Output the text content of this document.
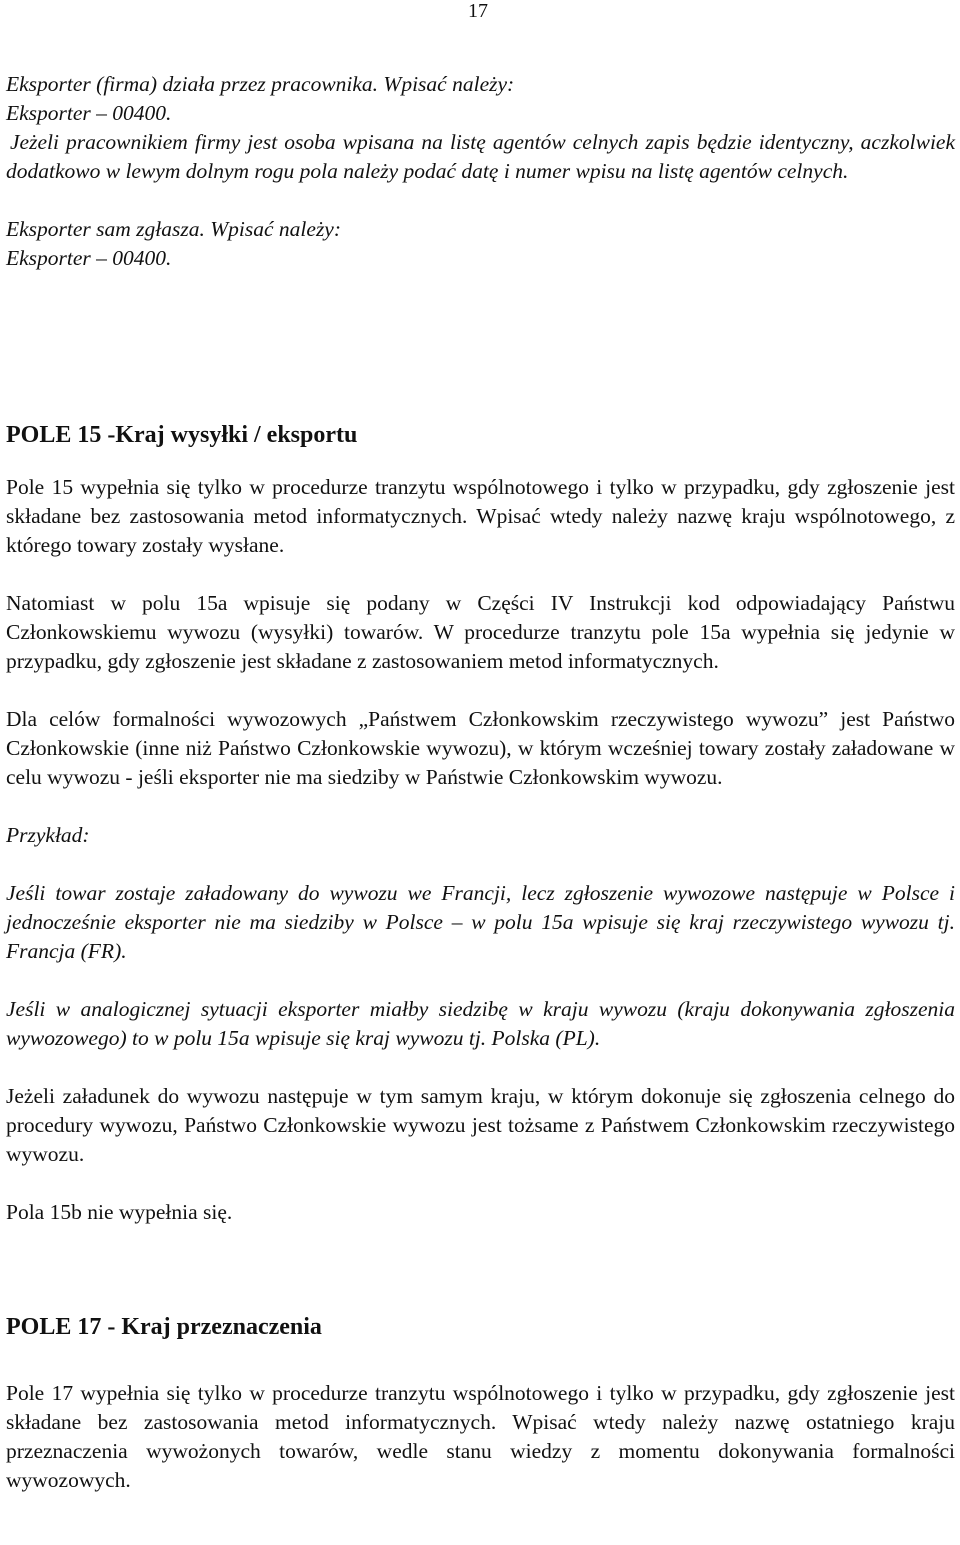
17

Eksporter (firma) działa przez pracownika. Wpisać należy:

Eksporter – 00400.

Jeżeli pracownikiem firmy jest osoba wpisana na listę agentów celnych zapis będzie identyczny, aczkolwiek dodatkowo w lewym dolnym rogu pola należy podać datę i numer wpisu na listę agentów celnych.

Eksporter sam zgłasza. Wpisać należy:

Eksporter – 00400.

POLE 15 -Kraj wysyłki / eksportu

Pole 15 wypełnia się tylko w procedurze tranzytu wspólnotowego i tylko w przypadku, gdy zgłoszenie jest składane bez zastosowania metod informatycznych. Wpisać wtedy należy nazwę kraju wspólnotowego, z którego towary zostały wysłane.

Natomiast w polu 15a wpisuje się podany w Części IV Instrukcji kod odpowiadający Państwu Członkowskiemu wywozu (wysyłki) towarów. W procedurze tranzytu pole 15a wypełnia się jedynie w przypadku, gdy zgłoszenie jest składane z zastosowaniem metod informatycznych.

Dla celów formalności wywozowych „Państwem Członkowskim rzeczywistego wywozu” jest Państwo Członkowskie (inne niż Państwo Członkowskie wywozu), w którym wcześniej towary zostały załadowane w celu wywozu - jeśli eksporter nie ma siedziby w Państwie Członkowskim wywozu.

Przykład:

Jeśli towar zostaje załadowany do wywozu we Francji, lecz zgłoszenie wywozowe następuje w Polsce i jednocześnie eksporter nie ma siedziby w Polsce – w polu 15a wpisuje się kraj rzeczywistego wywozu tj. Francja (FR).

Jeśli w analogicznej sytuacji eksporter miałby siedzibę w kraju wywozu (kraju dokonywania zgłoszenia wywozowego) to w polu 15a wpisuje się kraj wywozu tj. Polska (PL).

Jeżeli załadunek do wywozu następuje w tym samym kraju, w którym dokonuje się zgłoszenia celnego do procedury wywozu, Państwo Członkowskie wywozu jest tożsame z Państwem Członkowskim rzeczywistego wywozu.

Pola 15b nie wypełnia się.

POLE 17 - Kraj przeznaczenia

Pole 17 wypełnia się tylko w procedurze tranzytu wspólnotowego i tylko w przypadku, gdy zgłoszenie jest składane bez zastosowania metod informatycznych. Wpisać wtedy należy nazwę ostatniego kraju przeznaczenia wywożonych towarów, wedle stanu wiedzy z momentu dokonywania formalności wywozowych.
